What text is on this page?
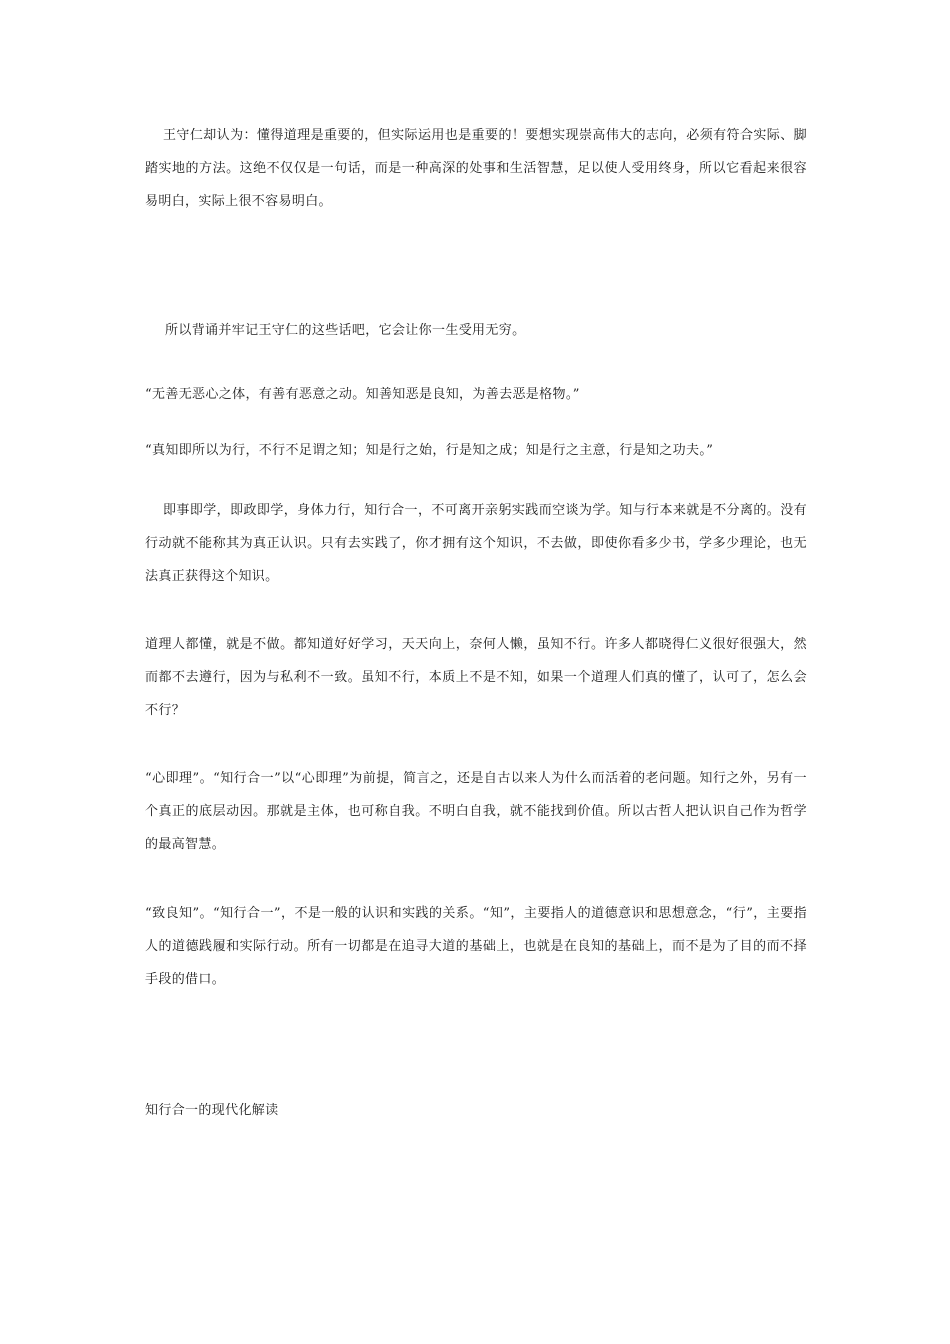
王守仁却认为：懂得道理是重要的，但实际运用也是重要的！要想实现崇高伟大的志向，必须有符合实际、脚踏实地的方法。这绝不仅仅是一句话，而是一种高深的处事和生活智慧，足以使人受用终身，所以它看起来很容易明白，实际上很不容易明白。

所以背诵并牢记王守仁的这些话吧，它会让你一生受用无穷。

“无善无恶心之体，有善有恶意之动。知善知恶是良知，为善去恶是格物。”

“真知即所以为行，不行不足谓之知；知是行之始，行是知之成；知是行之主意，行是知之功夫。”

即事即学，即政即学，身体力行，知行合一，不可离开亲躬实践而空谈为学。知与行本来就是不分离的。没有行动就不能称其为真正认识。只有去实践了，你才拥有这个知识，不去做，即使你看多少书，学多少理论，也无法真正获得这个知识。

道理人都懂，就是不做。都知道好好学习，天天向上，奈何人懒，虽知不行。许多人都晓得仁义很好很强大，然而都不去遵行，因为与私利不一致。虽知不行，本质上不是不知，如果一个道理人们真的懂了，认可了，怎么会不行？

“心即理”。“知行合一”以“心即理”为前提，简言之，还是自古以来人为什么而活着的老问题。知行之外，另有一个真正的底层动因。那就是主体，也可称自我。不明白自我，就不能找到价值。所以古哲人把认识自己作为哲学的最高智慧。

“致良知”。“知行合一”，不是一般的认识和实践的关系。“知”，主要指人的道德意识和思想意念，“行”，主要指人的道德践履和实际行动。所有一切都是在追寻大道的基础上，也就是在良知的基础上，而不是为了目的而不择手段的借口。

知行合一的现代化解读
